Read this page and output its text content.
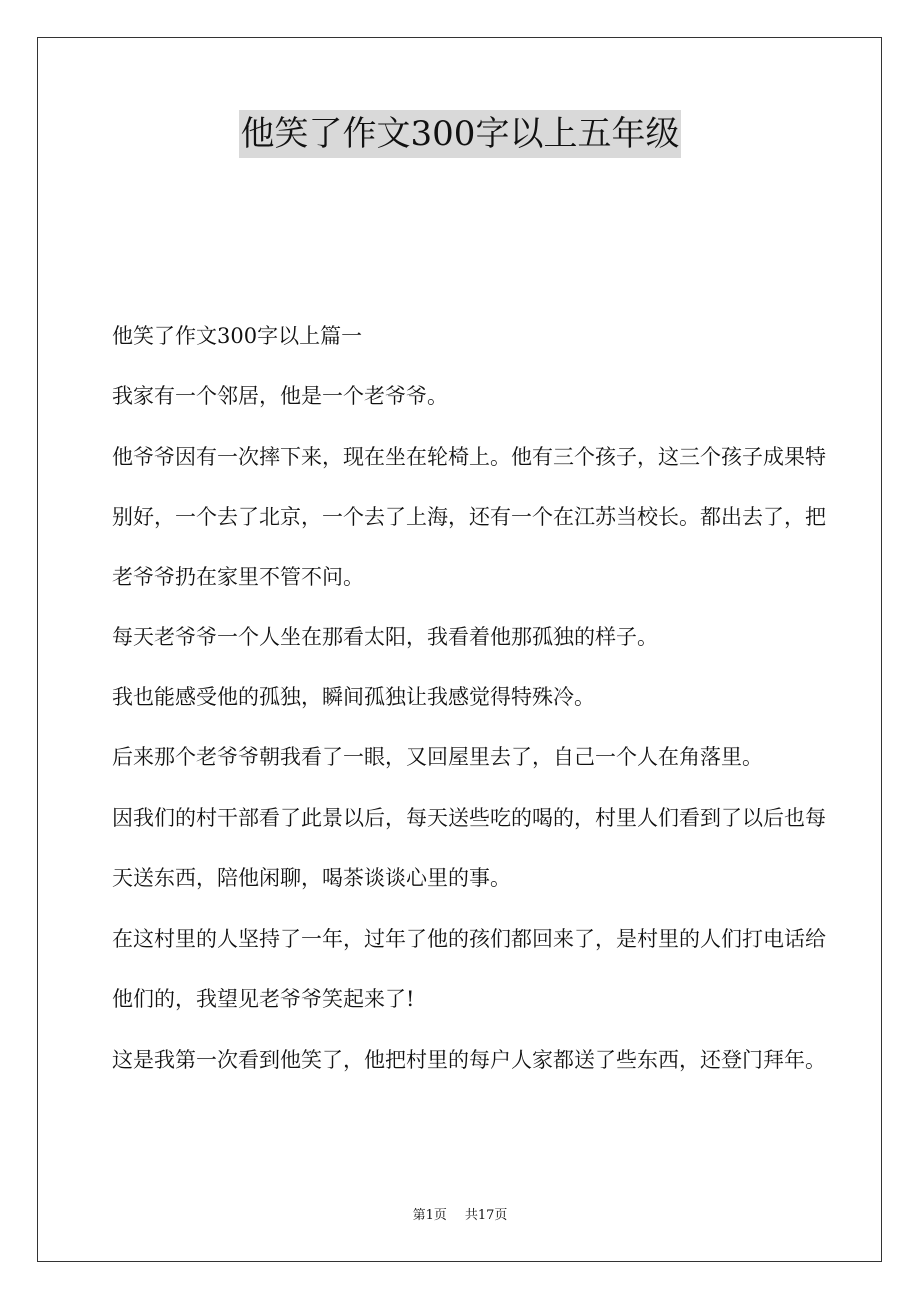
他笑了作文300字以上五年级

他笑了作文300字以上篇一

我家有一个邻居，他是一个老爷爷。

他爷爷因有一次摔下来，现在坐在轮椅上。他有三个孩子，这三个孩子成果特别好，一个去了北京，一个去了上海，还有一个在江苏当校长。都出去了，把老爷爷扔在家里不管不问。

每天老爷爷一个人坐在那看太阳，我看着他那孤独的样子。

我也能感受他的孤独，瞬间孤独让我感觉得特殊冷。

后来那个老爷爷朝我看了一眼，又回屋里去了，自己一个人在角落里。

因我们的村干部看了此景以后，每天送些吃的喝的，村里人们看到了以后也每天送东西，陪他闲聊，喝茶谈谈心里的事。

在这村里的人坚持了一年，过年了他的孩们都回来了，是村里的人们打电话给他们的，我望见老爷爷笑起来了!

这是我第一次看到他笑了，他把村里的每户人家都送了些东西，还登门拜年。

第1页 共17页
